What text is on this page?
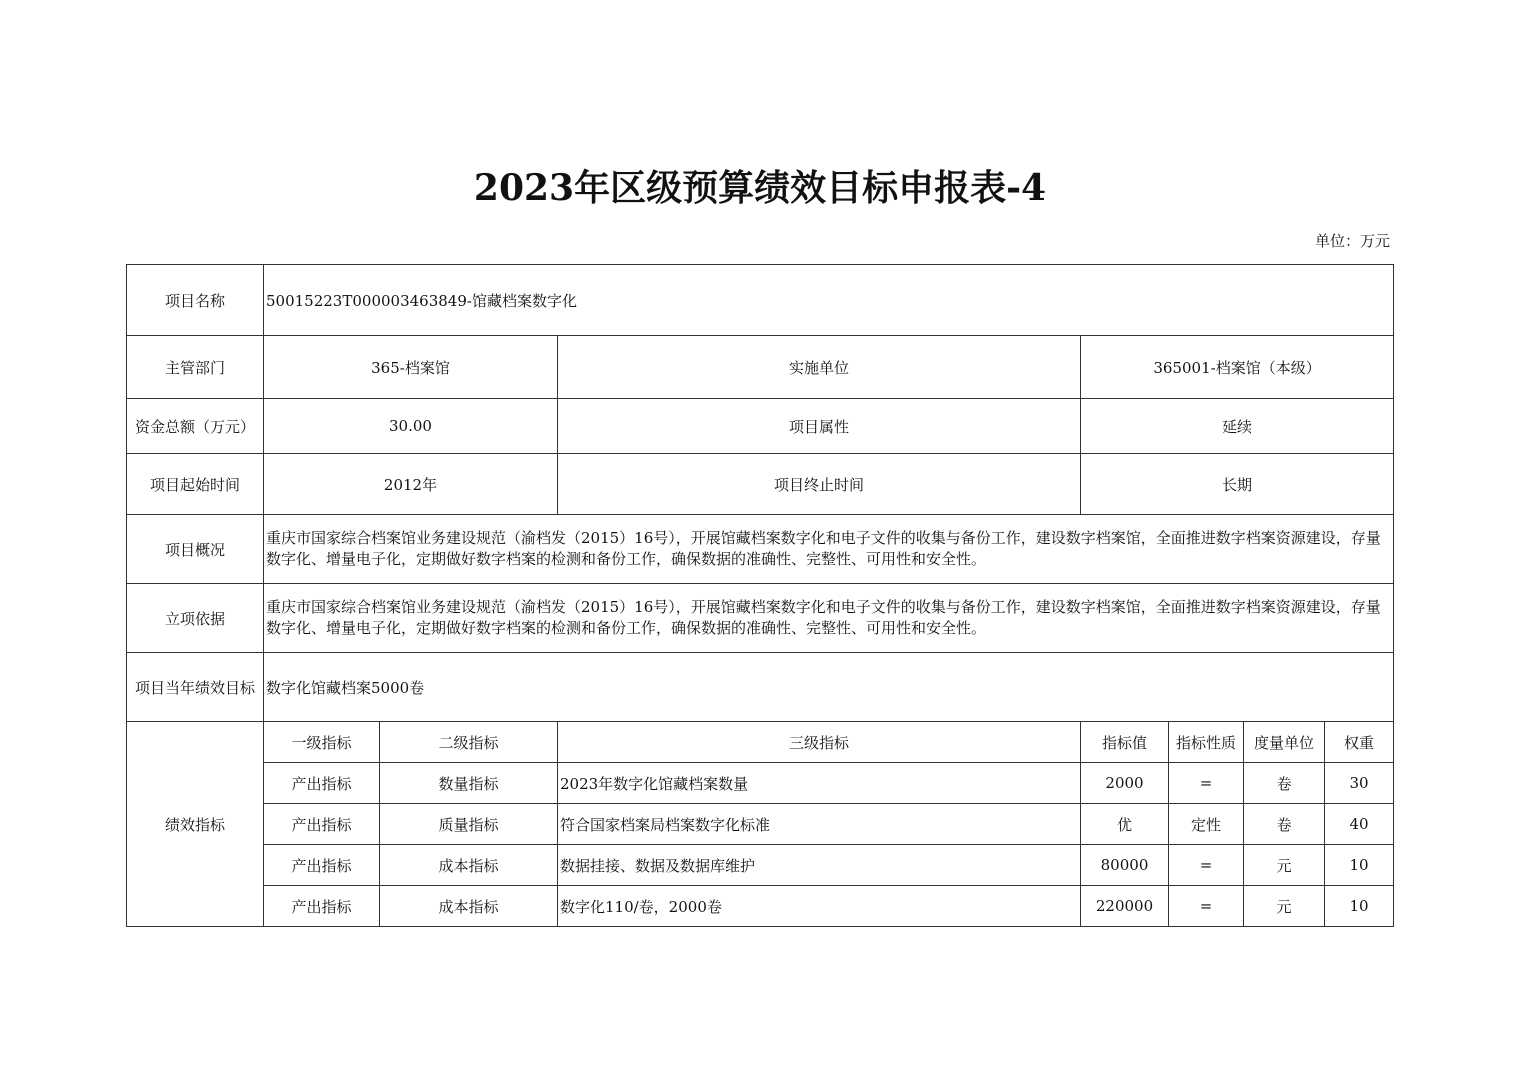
2023年区级预算绩效目标申报表-4
单位：万元
项目名称	50015223T000003463849-馆藏档案数字化						
主管部门	365-档案馆		实施单位	365001-档案馆（本级）			
资金总额（万元）	30.00		项目属性	延续			
项目起始时间	2012年		项目终止时间	长期			
项目概况	重庆市国家综合档案馆业务建设规范（渝档发（2015）16号），开展馆藏档案数字化和电子文件的收集与备份工作，建设数字档案馆，全面推进数字档案资源建设，存量数字化、增量电子化，定期做好数字档案的检测和备份工作，确保数据的准确性、完整性、可用性和安全性。						
立项依据	重庆市国家综合档案馆业务建设规范（渝档发（2015）16号），开展馆藏档案数字化和电子文件的收集与备份工作，建设数字档案馆，全面推进数字档案资源建设，存量数字化、增量电子化，定期做好数字档案的检测和备份工作，确保数据的准确性、完整性、可用性和安全性。						
项目当年绩效目标	数字化馆藏档案5000卷						
绩效指标	一级指标	二级指标	三级指标	指标值	指标性质	度量单位	权重
	产出指标	数量指标	2023年数字化馆藏档案数量	2000	=	卷	30
	产出指标	质量指标	符合国家档案局档案数字化标准	优	定性	卷	40
	产出指标	成本指标	数据挂接、数据及数据库维护	80000	=	元	10
	产出指标	成本指标	数字化110/卷，2000卷	220000	=	元	10
